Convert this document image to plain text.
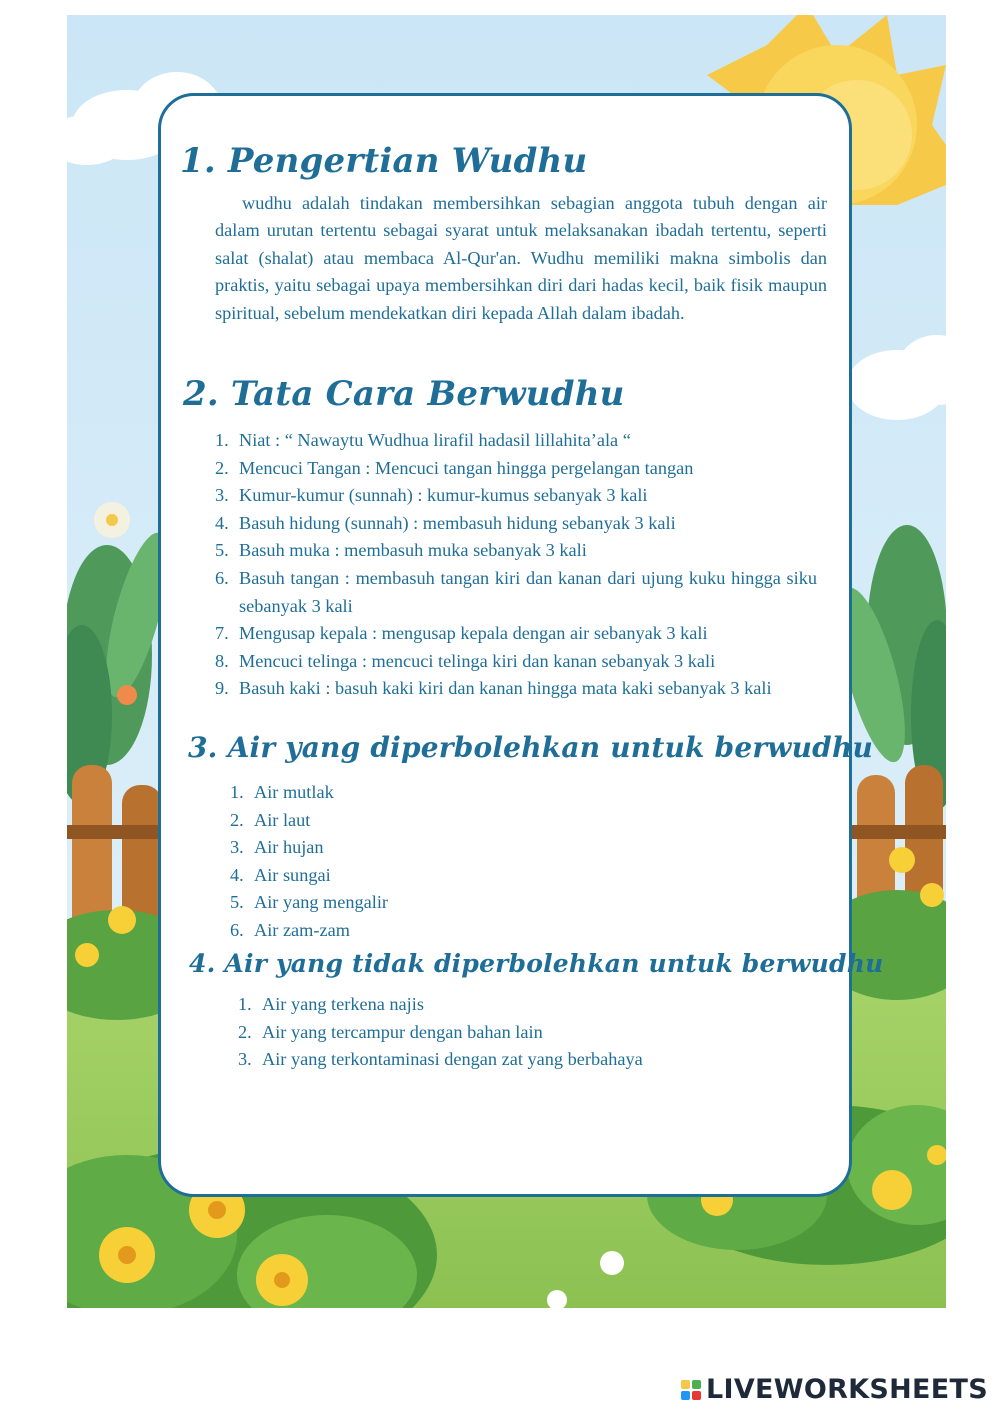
1. Pengertian Wudhu

wudhu adalah tindakan membersihkan sebagian anggota tubuh dengan air dalam urutan tertentu sebagai syarat untuk melaksanakan ibadah tertentu, seperti salat (shalat) atau membaca Al-Qur'an. Wudhu memiliki makna simbolis dan praktis, yaitu sebagai upaya membersihkan diri dari hadas kecil, baik fisik maupun spiritual, sebelum mendekatkan diri kepada Allah dalam ibadah.

2. Tata Cara Berwudhu
1. Niat : “ Nawaytu Wudhua lirafil hadasil lillahita’ala “
2. Mencuci Tangan : Mencuci tangan hingga pergelangan tangan
3. Kumur-kumur (sunnah) : kumur-kumus sebanyak 3 kali
4. Basuh hidung (sunnah) : membasuh hidung sebanyak 3 kali
5. Basuh muka : membasuh muka sebanyak 3 kali
6. Basuh tangan : membasuh tangan kiri dan kanan dari ujung kuku hingga siku sebanyak 3 kali
7. Mengusap kepala : mengusap kepala dengan air sebanyak 3 kali
8. Mencuci telinga : mencuci telinga kiri dan kanan sebanyak 3 kali
9. Basuh kaki : basuh kaki kiri dan kanan hingga mata kaki sebanyak 3 kali
3. Air yang diperbolehkan untuk berwudhu
1. Air mutlak
2. Air laut
3. Air hujan
4. Air sungai
5. Air yang mengalir
6. Air zam-zam
4. Air yang tidak diperbolehkan untuk berwudhu
1. Air yang terkena najis
2. Air yang tercampur dengan bahan lain
3. Air yang terkontaminasi dengan zat yang berbahaya
LIVEWORKSHEETS
